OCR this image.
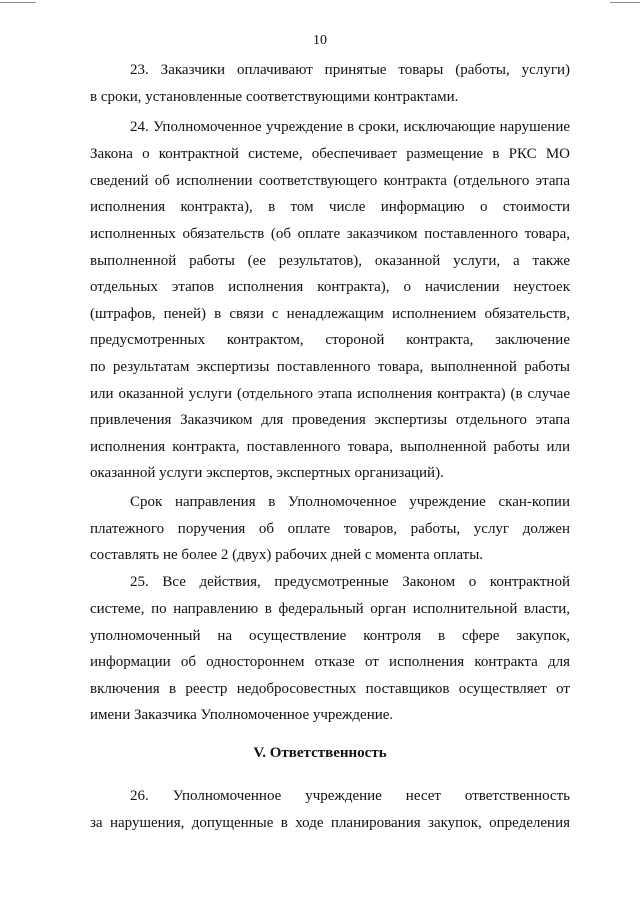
10
23. Заказчики оплачивают принятые товары (работы, услуги)
в сроки, установленные соответствующими контрактами.
24. Уполномоченное учреждение в сроки, исключающие нарушение
Закона о контрактной системе, обеспечивает размещение в РКС МО
сведений об исполнении соответствующего контракта (отдельного этапа
исполнения контракта), в том числе информацию о стоимости
исполненных обязательств (об оплате заказчиком поставленного товара,
выполненной работы (ее результатов), оказанной услуги, а также
отдельных этапов исполнения контракта), о начислении неустоек
(штрафов, пеней) в связи с ненадлежащим исполнением обязательств,
предусмотренных контрактом, стороной контракта, заключение
по результатам экспертизы поставленного товара, выполненной работы
или оказанной услуги (отдельного этапа исполнения контракта) (в случае
привлечения Заказчиком для проведения экспертизы отдельного этапа
исполнения контракта, поставленного товара, выполненной работы или
оказанной услуги экспертов, экспертных организаций).
Срок направления в Уполномоченное учреждение скан-копии
платежного поручения об оплате товаров, работы, услуг должен
составлять не более 2 (двух) рабочих дней с момента оплаты.
25. Все действия, предусмотренные Законом о контрактной
системе, по направлению в федеральный орган исполнительной власти,
уполномоченный на осуществление контроля в сфере закупок,
информации об одностороннем отказе от исполнения контракта для
включения в реестр недобросовестных поставщиков осуществляет от
имени Заказчика Уполномоченное учреждение.
V. Ответственность
26. Уполномоченное учреждение несет ответственность
за нарушения, допущенные в ходе планирования закупок, определения
